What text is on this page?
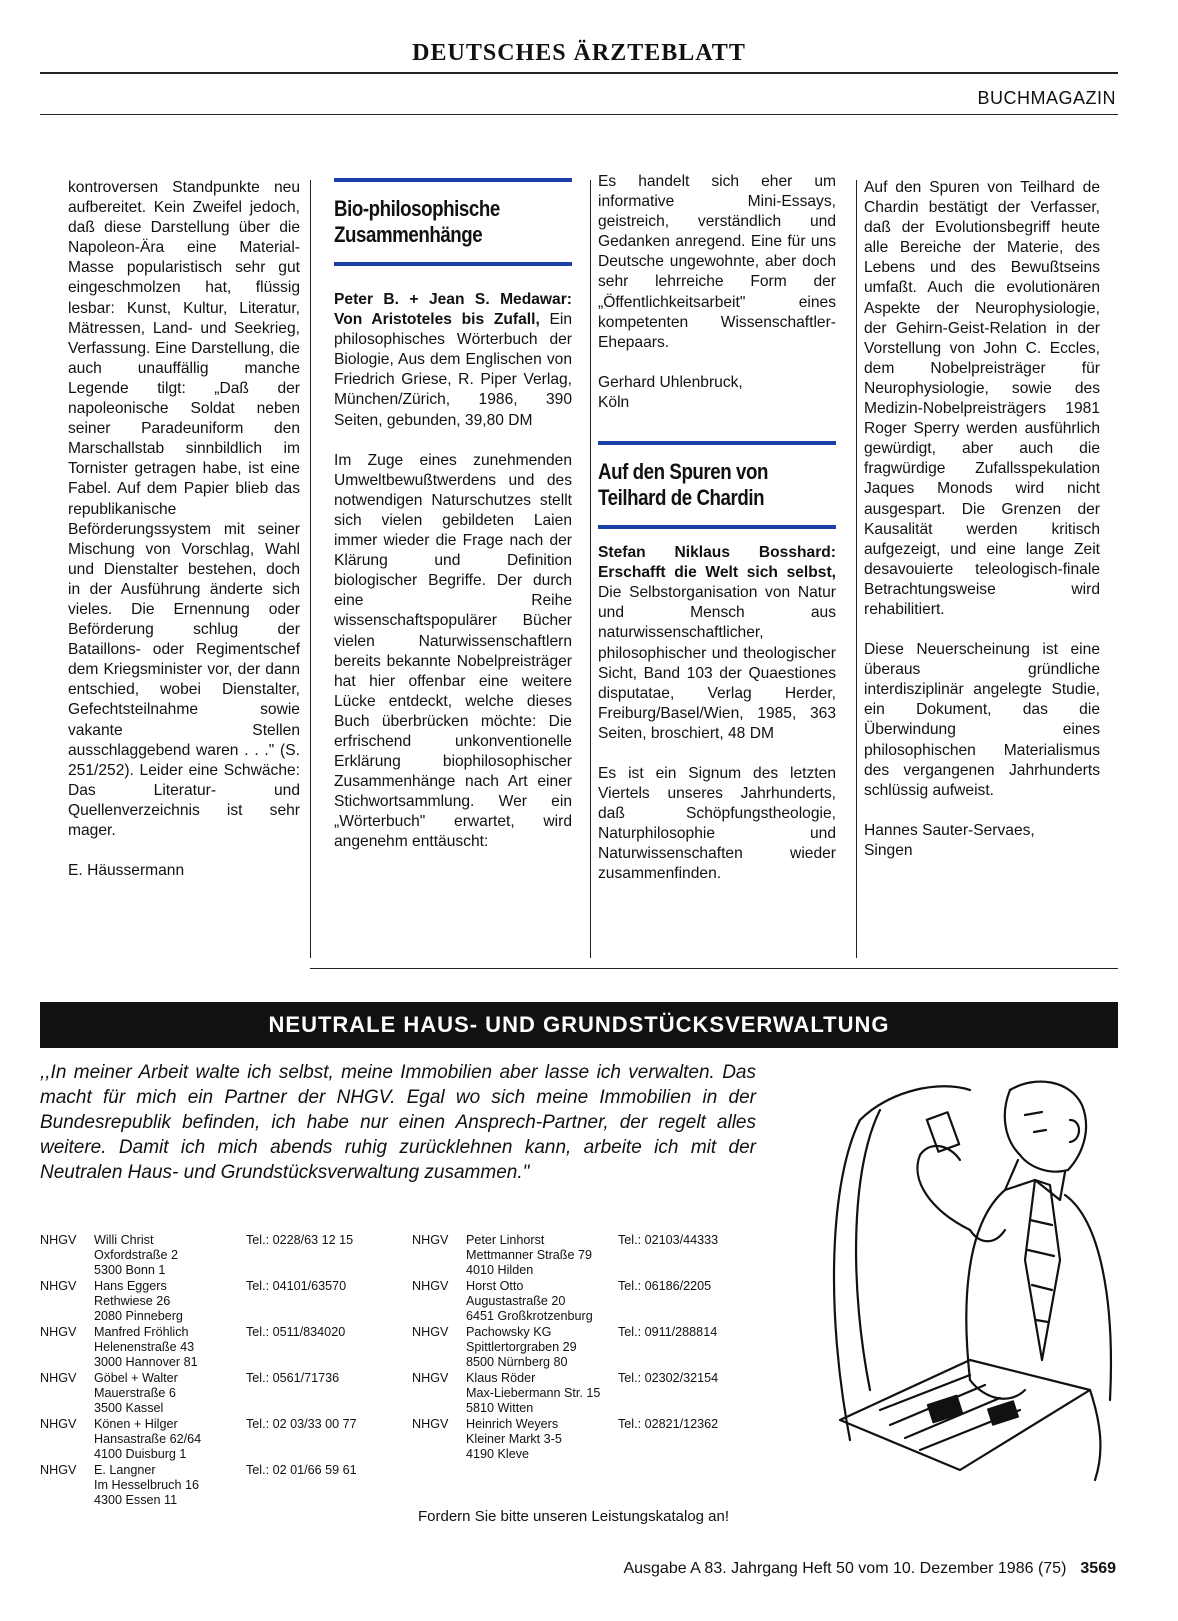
DEUTSCHES ÄRZTEBLATT
BUCHMAGAZIN

kontroversen Standpunkte neu aufbereitet. Kein Zweifel jedoch, daß diese Darstellung über die Napoleon-Ära eine Material-Masse popularistisch sehr gut eingeschmolzen hat, flüssig lesbar: Kunst, Kultur, Literatur, Mätressen, Land- und Seekrieg, Verfassung. Eine Darstellung, die auch unauffällig manche Legende tilgt: „Daß der napoleonische Soldat neben seiner Paradeuniform den Marschallstab sinnbildlich im Tornister getragen habe, ist eine Fabel. Auf dem Papier blieb das republikanische Beförderungssystem mit seiner Mischung von Vorschlag, Wahl und Dienstalter bestehen, doch in der Ausführung änderte sich vieles. Die Ernennung oder Beförderung schlug der Bataillons- oder Regimentschef dem Kriegsminister vor, der dann entschied, wobei Dienstalter, Gefechtsteilnahme sowie vakante Stellen ausschlaggebend waren . . ." (S. 251/252). Leider eine Schwäche: Das Literatur- und Quellenverzeichnis ist sehr mager.

E. Häussermann

Bio-philosophische
Zusammenhänge

Peter B. + Jean S. Medawar: Von Aristoteles bis Zufall, Ein philosophisches Wörterbuch der Biologie, Aus dem Englischen von Friedrich Griese, R. Piper Verlag, München/Zürich, 1986, 390 Seiten, gebunden, 39,80 DM

Im Zuge eines zunehmenden Umweltbewußtwerdens und des notwendigen Naturschutzes stellt sich vielen gebildeten Laien immer wieder die Frage nach der Klärung und Definition biologischer Begriffe. Der durch eine Reihe wissenschaftspopulärer Bücher vielen Naturwissenschaftlern bereits bekannte Nobelpreisträger hat hier offenbar eine weitere Lücke entdeckt, welche dieses Buch überbrücken möchte: Die erfrischend unkonventionelle Erklärung biophilosophischer Zusammenhänge nach Art einer Stichwortsammlung. Wer ein „Wörterbuch" erwartet, wird angenehm enttäuscht:

Es handelt sich eher um informative Mini-Essays, geistreich, verständlich und Gedanken anregend. Eine für uns Deutsche ungewohnte, aber doch sehr lehrreiche Form der „Öffentlichkeitsarbeit" eines kompetenten Wissenschaftler-Ehepaars.

Gerhard Uhlenbruck,

Köln

Auf den Spuren von
Teilhard de Chardin

Stefan Niklaus Bosshard: Erschafft die Welt sich selbst, Die Selbstorganisation von Natur und Mensch aus naturwissenschaftlicher, philosophischer und theologischer Sicht, Band 103 der Quaestiones disputatae, Verlag Herder, Freiburg/Basel/Wien, 1985, 363 Seiten, broschiert, 48 DM

Es ist ein Signum des letzten Viertels unseres Jahrhunderts, daß Schöpfungstheologie, Naturphilosophie und Naturwissenschaften wieder zusammenfinden.

Auf den Spuren von Teilhard de Chardin bestätigt der Verfasser, daß der Evolutionsbegriff heute alle Bereiche der Materie, des Lebens und des Bewußtseins umfaßt. Auch die evolutionären Aspekte der Neurophysiologie, der Gehirn-Geist-Relation in der Vorstellung von John C. Eccles, dem Nobelpreisträger für Neurophysiologie, sowie des Medizin-Nobelpreisträgers 1981 Roger Sperry werden ausführlich gewürdigt, aber auch die fragwürdige Zufallsspekulation Jaques Monods wird nicht ausgespart. Die Grenzen der Kausalität werden kritisch aufgezeigt, und eine lange Zeit desavouierte teleologisch-finale Betrachtungsweise wird rehabilitiert.

Diese Neuerscheinung ist eine überaus gründliche interdisziplinär angelegte Studie, ein Dokument, das die Überwindung eines philosophischen Materialismus des vergangenen Jahrhunderts schlüssig aufweist.

Hannes Sauter-Servaes,

Singen

NEUTRALE HAUS- UND GRUNDSTÜCKSVERWALTUNG
,,In meiner Arbeit walte ich selbst, meine Immobilien aber lasse ich verwalten. Das macht für mich ein Partner der NHGV. Egal wo sich meine Immobilien in der Bundesrepublik befinden, ich habe nur einen Ansprech-Partner, der regelt alles weitere. Damit ich mich abends ruhig zurücklehnen kann, arbeite ich mit der Neutralen Haus- und Grundstücksverwaltung zusammen."
NHGV Willi Christ
Oxfordstraße 2
5300 Bonn 1
Tel.: 0228/63 12 15
NHGV Hans Eggers
Rethwiese 26
2080 Pinneberg
Tel.: 04101/63570
NHGV Manfred Fröhlich
Helenenstraße 43
3000 Hannover 81
Tel.: 0511/834020
NHGV Göbel + Walter
Mauerstraße 6
3500 Kassel
Tel.: 0561/71736
NHGV Könen + Hilger
Hansastraße 62/64
4100 Duisburg 1
Tel.: 02 03/33 00 77
NHGV E. Langner
Im Hesselbruch 16
4300 Essen 11
Tel.: 02 01/66 59 61
NHGV Peter Linhorst
Mettmanner Straße 79
4010 Hilden
Tel.: 02103/44333
NHGV Horst Otto
Augustastraße 20
6451 Großkrotzenburg
Tel.: 06186/2205
NHGV Pachowsky KG
Spittlertorgraben 29
8500 Nürnberg 80
Tel.: 0911/288814
NHGV Klaus Röder
Max-Liebermann Str. 15
5810 Witten
Tel.: 02302/32154
NHGV Heinrich Weyers
Kleiner Markt 3-5
4190 Kleve
Tel.: 02821/12362
Fordern Sie bitte unseren Leistungskatalog an!
Ausgabe A 83. Jahrgang Heft 50 vom 10. Dezember 1986 (75) 3569
